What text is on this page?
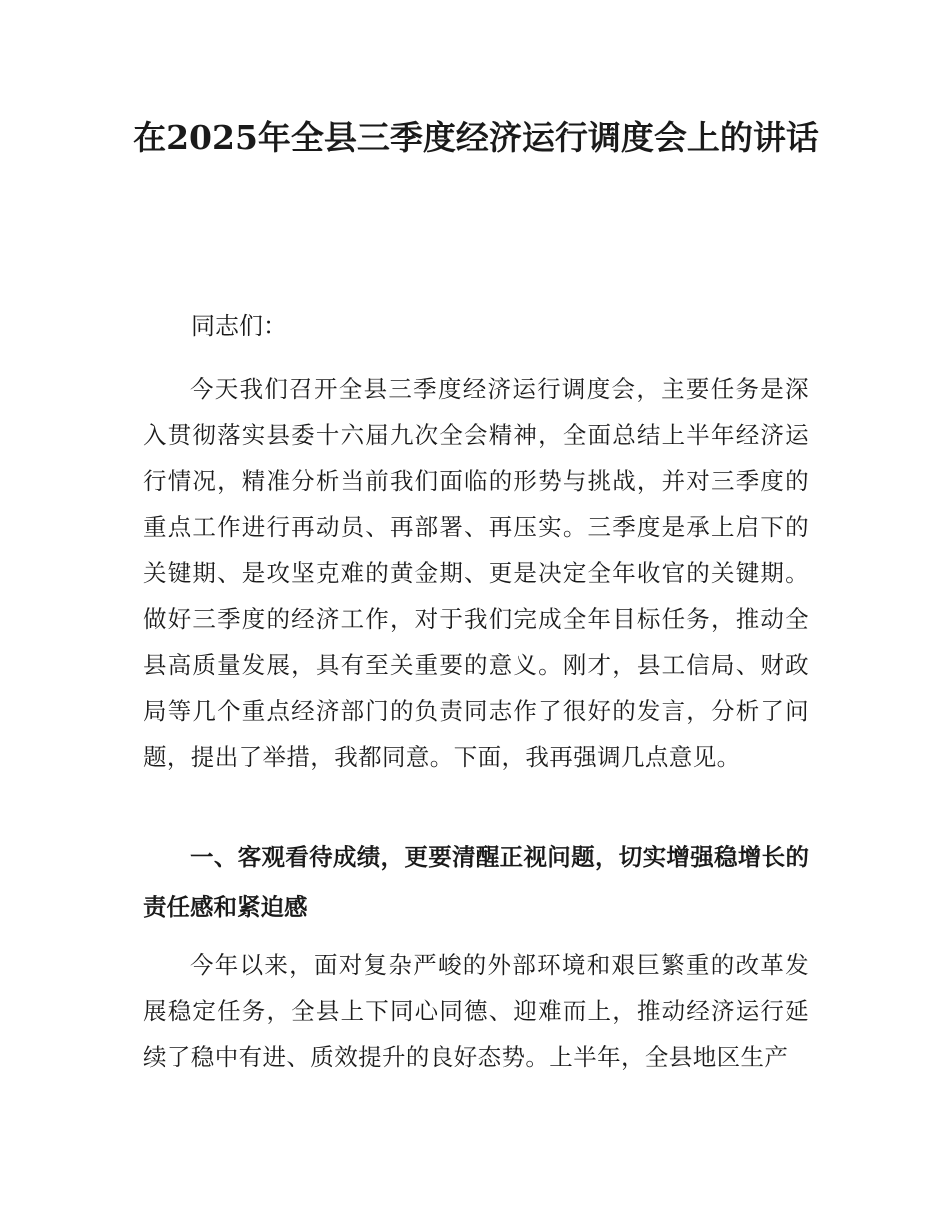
在2025年全县三季度经济运行调度会上的讲话

同志们：

今天我们召开全县三季度经济运行调度会，主要任务是深入贯彻落实县委十六届九次全会精神，全面总结上半年经济运行情况，精准分析当前我们面临的形势与挑战，并对三季度的重点工作进行再动员、再部署、再压实。三季度是承上启下的关键期、是攻坚克难的黄金期、更是决定全年收官的关键期。做好三季度的经济工作，对于我们完成全年目标任务，推动全县高质量发展，具有至关重要的意义。刚才，县工信局、财政局等几个重点经济部门的负责同志作了很好的发言，分析了问题，提出了举措，我都同意。下面，我再强调几点意见。

一、客观看待成绩，更要清醒正视问题，切实增强稳增长的责任感和紧迫感

今年以来，面对复杂严峻的外部环境和艰巨繁重的改革发展稳定任务，全县上下同心同德、迎难而上，推动经济运行延续了稳中有进、质效提升的良好态势。上半年，全县地区生产
